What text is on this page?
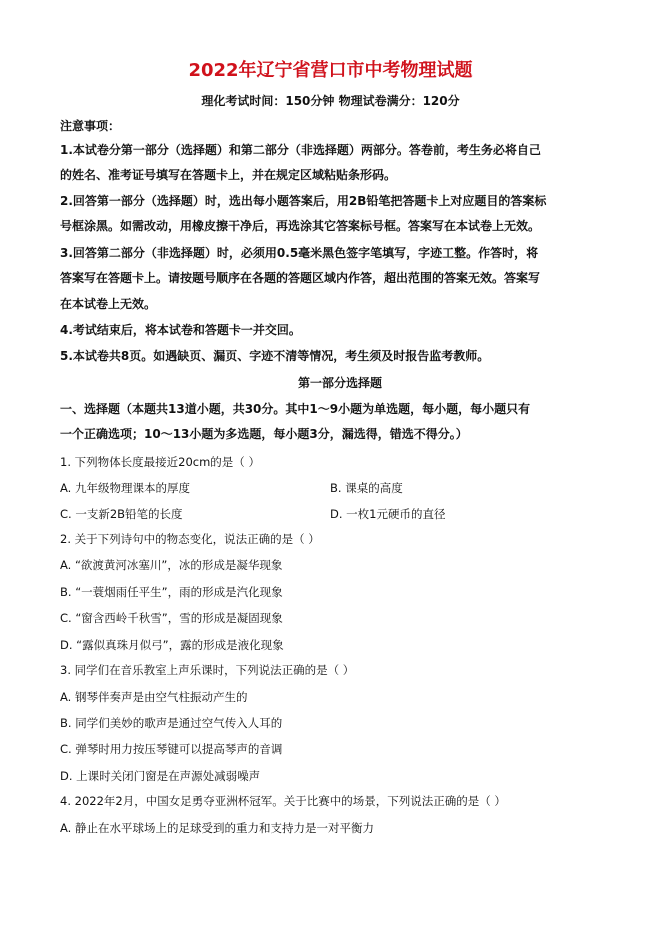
2022年辽宁省营口市中考物理试题
理化考试时间：150分钟 物理试卷满分：120分
注意事项：
1.本试卷分第一部分（选择题）和第二部分（非选择题）两部分。答卷前，考生务必将自己
的姓名、准考证号填写在答题卡上，并在规定区域粘贴条形码。
2.回答第一部分（选择题）时，选出每小题答案后，用2B铅笔把答题卡上对应题目的答案标
号框涂黑。如需改动，用橡皮擦干净后，再选涂其它答案标号框。答案写在本试卷上无效。
3.回答第二部分（非选择题）时，必须用0.5毫米黑色签字笔填写，字迹工整。作答时，将
答案写在答题卡上。请按题号顺序在各题的答题区域内作答，超出范围的答案无效。答案写
在本试卷上无效。
4.考试结束后，将本试卷和答题卡一并交回。
5.本试卷共8页。如遇缺页、漏页、字迹不清等情况，考生须及时报告监考教师。
第一部分选择题
一、选择题（本题共13道小题，共30分。其中1～9小题为单选题，每小题，每小题只有
一个正确选项；10～13小题为多选题，每小题3分，漏选得，错选不得分。）
1. 下列物体长度最接近20cm的是（ ）
A. 九年级物理课本的厚度	B. 课桌的高度
C. 一支新2B铅笔的长度	D. 一枚1元硬币的直径
2. 关于下列诗句中的物态变化，说法正确的是（ ）
A. “欲渡黄河冰塞川”，冰的形成是凝华现象
B. “一蓑烟雨任平生”，雨的形成是汽化现象
C. “窗含西岭千秋雪”，雪的形成是凝固现象
D. “露似真珠月似弓”，露的形成是液化现象
3. 同学们在音乐教室上声乐课时，下列说法正确的是（ ）
A. 钢琴伴奏声是由空气柱振动产生的
B. 同学们美妙的歌声是通过空气传入人耳的
C. 弹琴时用力按压琴键可以提高琴声的音调
D. 上课时关闭门窗是在声源处减弱噪声
4. 2022年2月，中国女足勇夺亚洲杯冠军。关于比赛中的场景，下列说法正确的是（ ）
A. 静止在水平球场上的足球受到的重力和支持力是一对平衡力
